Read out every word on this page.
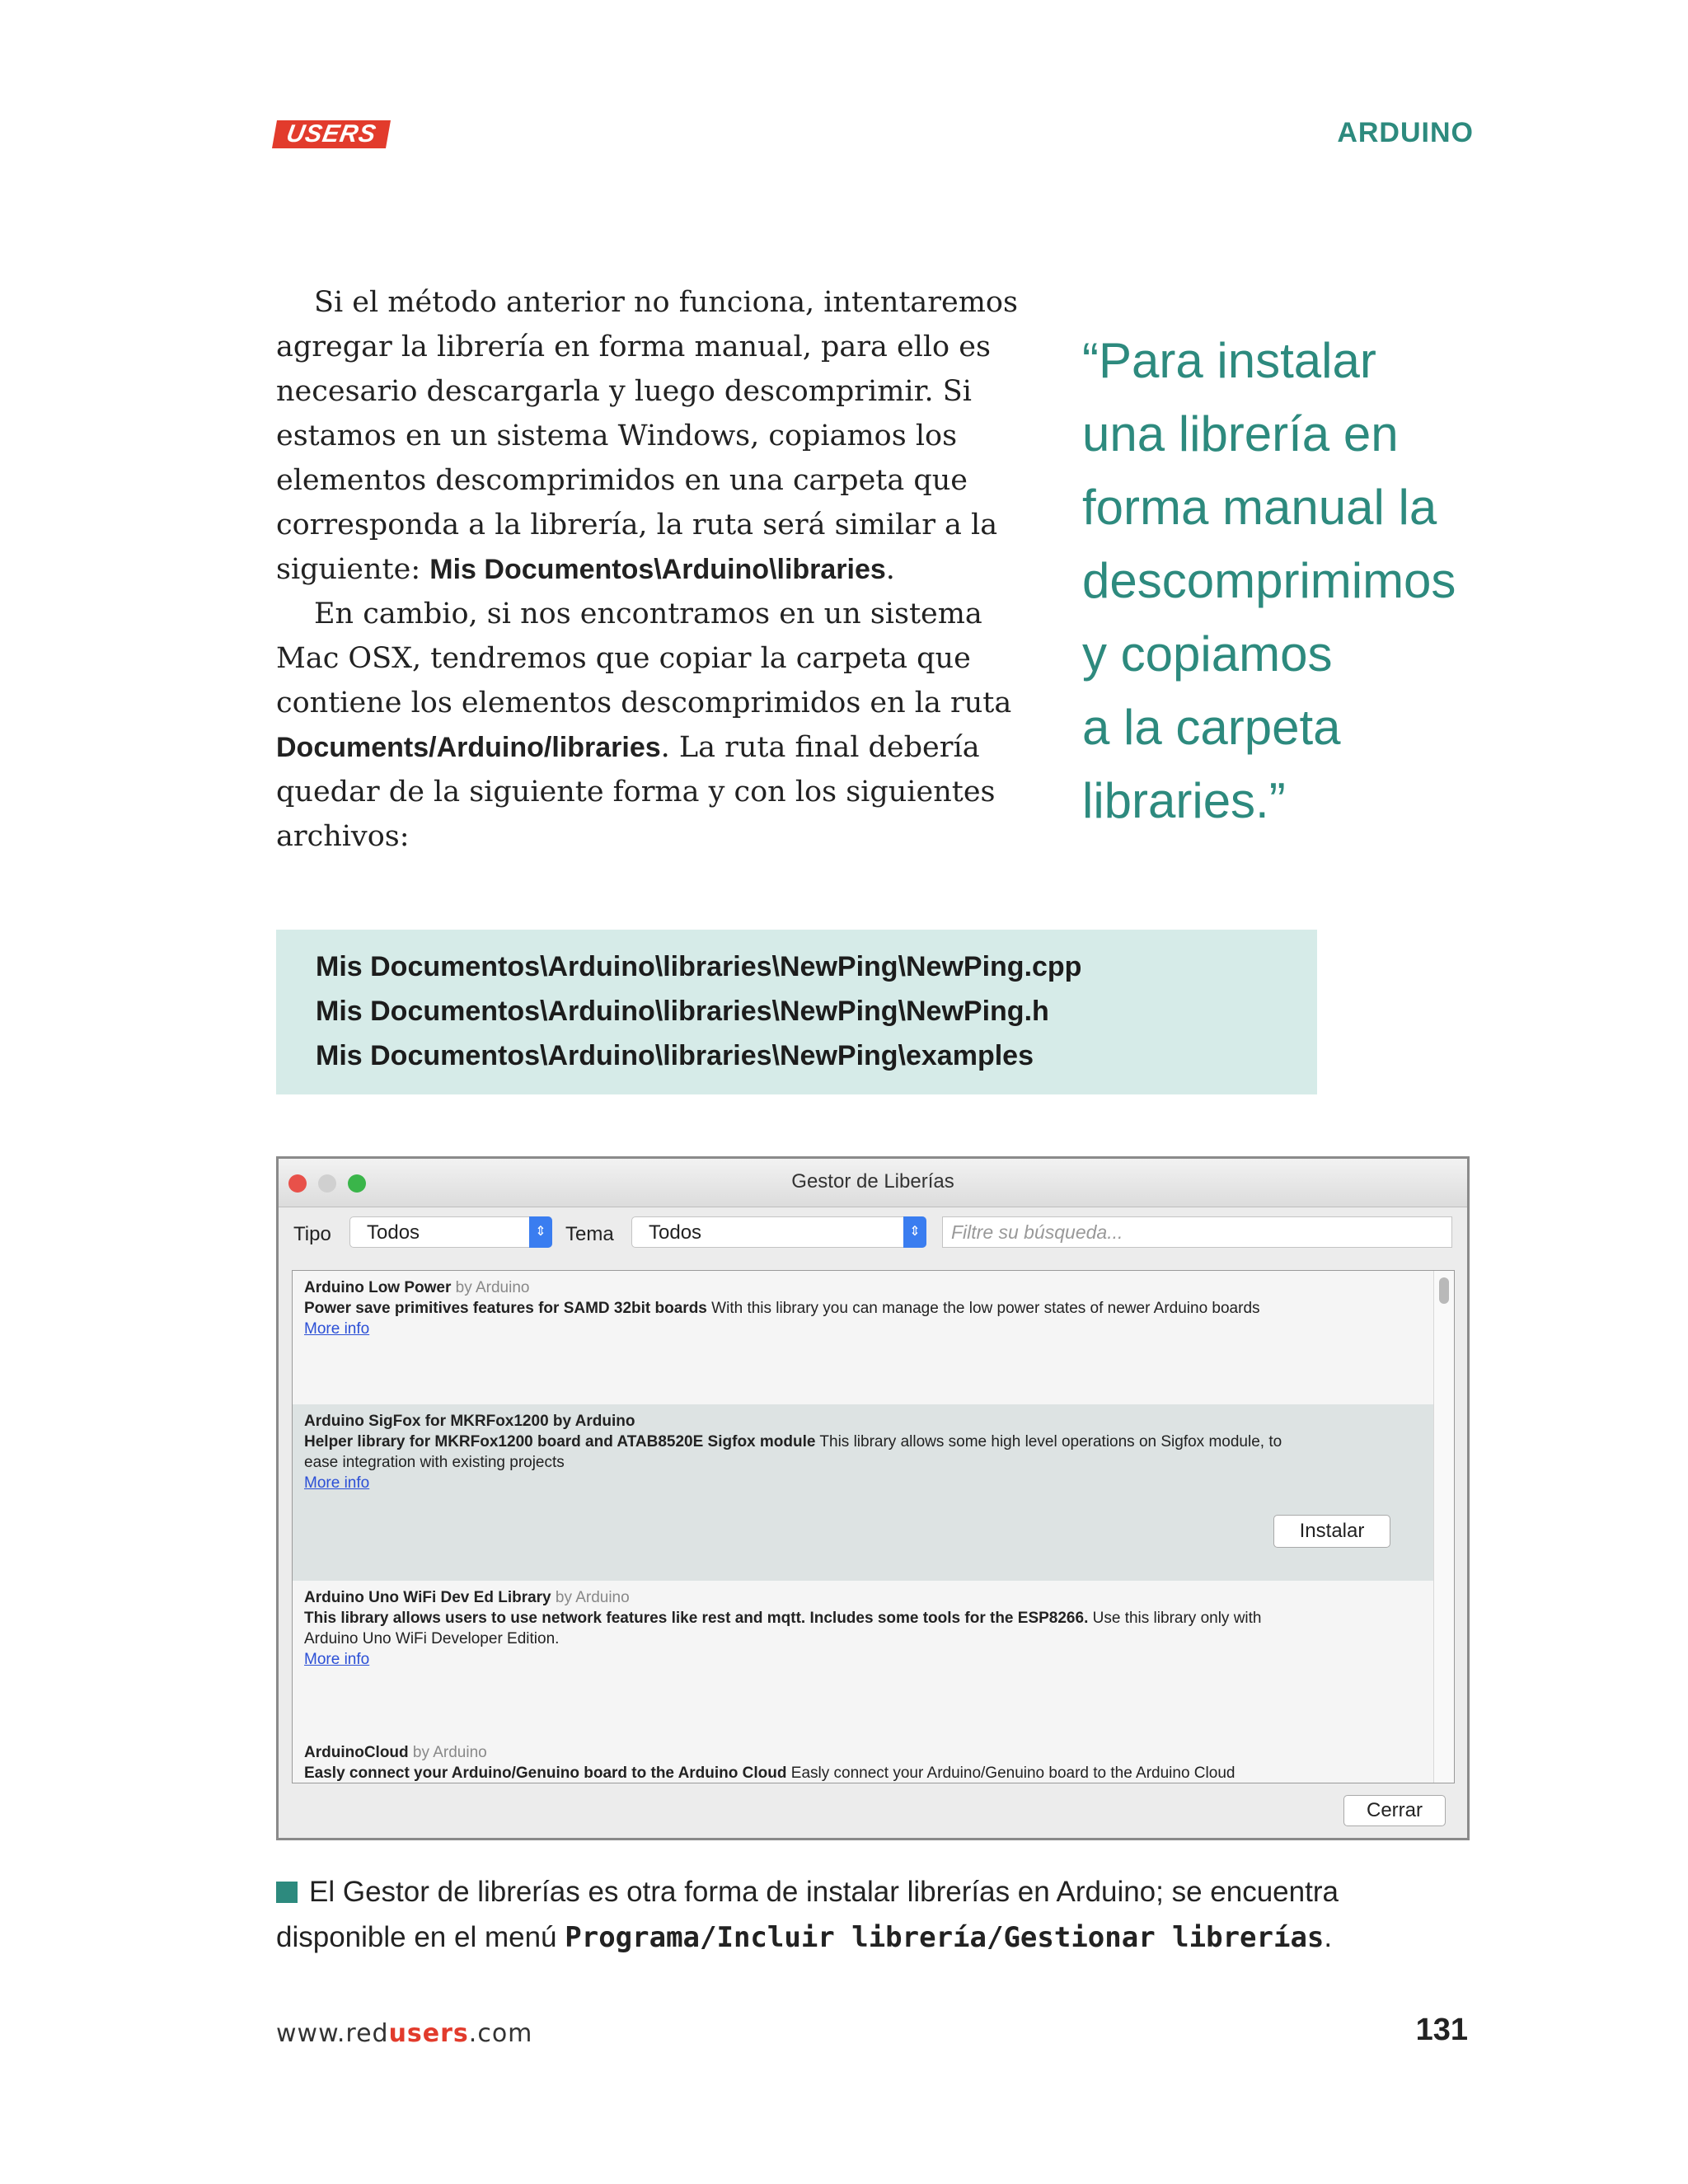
USERS	ARDUINO

Si el método anterior no funciona, intentaremos agregar la librería en forma manual, para ello es necesario descargarla y luego descomprimir. Si estamos en un sistema Windows, copiamos los elementos descomprimidos en una carpeta que corresponda a la librería, la ruta será similar a la siguiente: Mis Documentos\Arduino\libraries.

En cambio, si nos encontramos en un sistema Mac OSX, tendremos que copiar la carpeta que contiene los elementos descomprimidos en la ruta Documents/Arduino/libraries. La ruta final debería quedar de la siguiente forma y con los siguientes archivos:

“Para instalar
una librería en
forma manual la
descomprimimos
y copiamos
a la carpeta
libraries.”
Mis Documentos\Arduino\libraries\NewPing\NewPing.cpp
Mis Documentos\Arduino\libraries\NewPing\NewPing.h
Mis Documentos\Arduino\libraries\NewPing\examples
Gestor de Liberías
Tipo	Todos	⇕ Tema	Todos	⇕	Filtre su búsqueda...
Arduino Low Power by Arduino
Power save primitives features for SAMD 32bit boards With this library you can manage the low power states of newer Arduino boards
More info
Arduino SigFox for MKRFox1200 by Arduino
Helper library for MKRFox1200 board and ATAB8520E Sigfox module This library allows some high level operations on Sigfox module, to
ease integration with existing projects
More info
Instalar
Arduino Uno WiFi Dev Ed Library by Arduino
This library allows users to use network features like rest and mqtt. Includes some tools for the ESP8266. Use this library only with
Arduino Uno WiFi Developer Edition.
More info
ArduinoCloud by Arduino
Easly connect your Arduino/Genuino board to the Arduino Cloud Easly connect your Arduino/Genuino board to the Arduino Cloud
Cerrar
El Gestor de librerías es otra forma de instalar librerías en Arduino; se encuentra disponible en el menú Programa/Incluir librería/Gestionar librerías.
www.redusers.com	131
